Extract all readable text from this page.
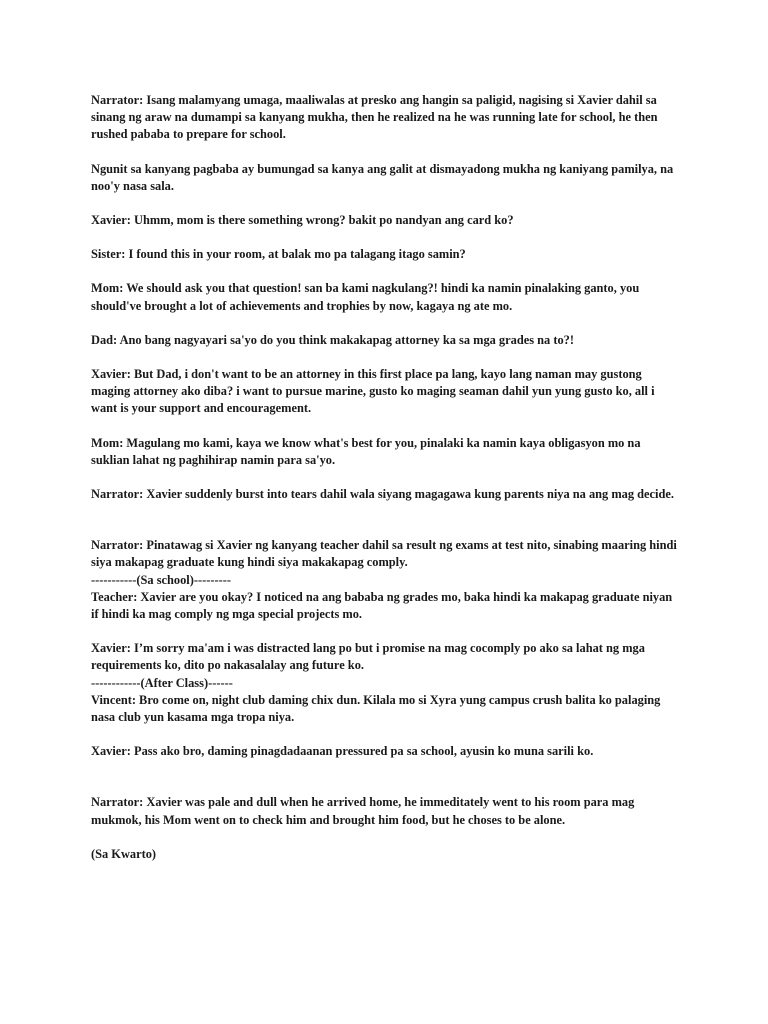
Narrator: Isang malamyang umaga, maaliwalas at presko ang hangin sa paligid, nagising si Xavier dahil sa sinang ng araw na dumampi sa kanyang mukha, then he realized na he was running late for school, he then rushed pababa to prepare for school.

Ngunit sa kanyang pagbaba ay bumungad sa kanya ang galit at dismayadong mukha ng kaniyang pamilya, na noo'y nasa sala.

Xavier: Uhmm, mom is there something wrong? bakit po nandyan ang card ko?

Sister: I found this in your room, at balak mo pa talagang itago samin?

Mom: We should ask you that question! san ba kami nagkulang?! hindi ka namin pinalaking ganto, you should've brought a lot of achievements and trophies by now, kagaya ng ate mo.

Dad: Ano bang nagyayari sa'yo do you think makakapag attorney ka sa mga grades na to?!

Xavier: But Dad, i don't want to be an attorney in this first place pa lang, kayo lang naman may gustong maging attorney ako diba? i want to pursue marine, gusto ko maging seaman dahil yun yung gusto ko, all i want is your support and encouragement.

Mom: Magulang mo kami, kaya we know what's best for you, pinalaki ka namin kaya obligasyon mo na suklian lahat ng paghihirap namin para sa'yo.

Narrator: Xavier suddenly burst into tears dahil wala siyang magagawa kung parents niya na ang mag decide.

Narrator: Pinatawag si Xavier ng kanyang teacher dahil sa result ng exams at test nito, sinabing maaring hindi siya makapag graduate kung hindi siya makakapag comply.

-----------(Sa school)---------

Teacher: Xavier are you okay? I noticed na ang bababa ng grades mo, baka hindi ka makapag graduate niyan if hindi ka mag comply ng mga special projects mo.

Xavier: I’m sorry ma'am i was distracted lang po but i promise na mag cocomply po ako sa lahat ng mga requirements ko, dito po nakasalalay ang future ko.

------------(After Class)------

Vincent: Bro come on, night club daming chix dun. Kilala mo si Xyra yung campus crush balita ko palaging nasa club yun kasama mga tropa niya.

Xavier: Pass ako bro, daming pinagdadaanan pressured pa sa school, ayusin ko muna sarili ko.

Narrator: Xavier was pale and dull when he arrived home, he immeditately went to his room para mag mukmok, his Mom went on to check him and brought him food, but he choses to be alone.

(Sa Kwarto)
